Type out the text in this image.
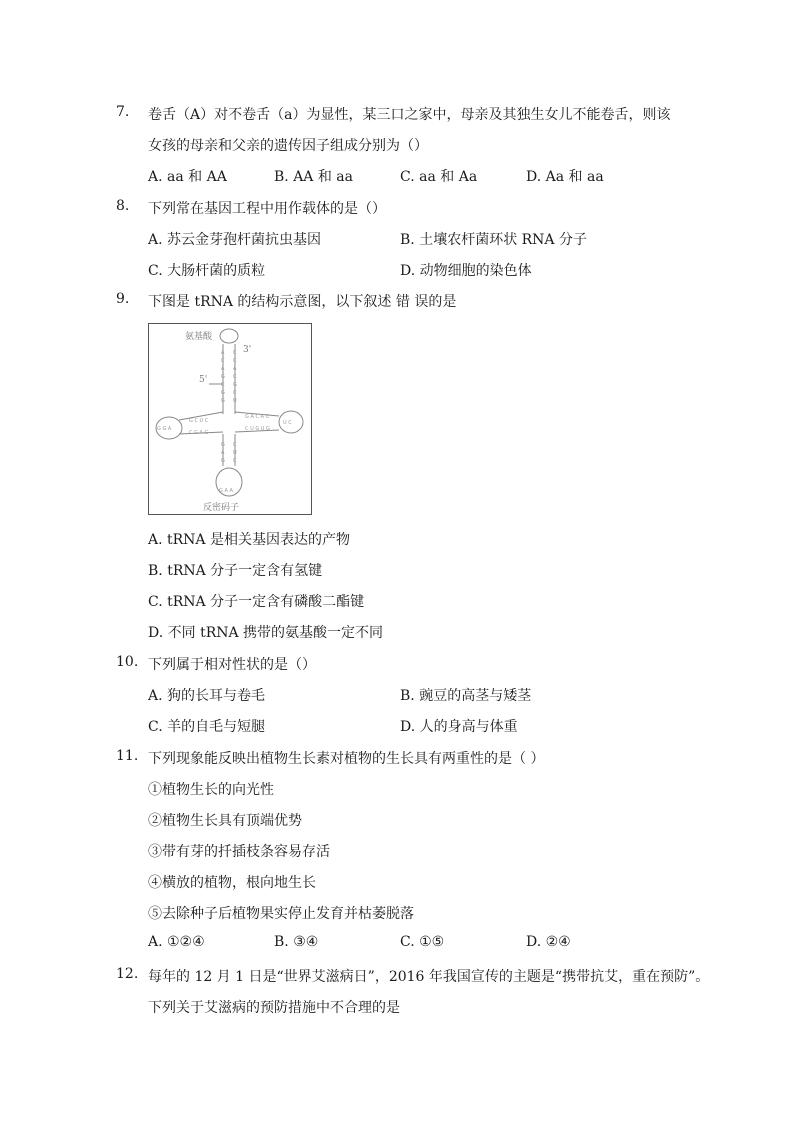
7.	卷舌（A）对不卷舌（a）为显性，某三口之家中，母亲及其独生女儿不能卷舌，则该
女孩的母亲和父亲的遗传因子组成分别为（）
A. aa 和 AA	B. AA 和 aa	C. aa 和 Aa	D. Aa 和 aa
8.	下列常在基因工程中用作载体的是（）
A. 苏云金芽孢杆菌抗虫基因	B. 土壤农杆菌环状 RNA 分子
C. 大肠杆菌的质粒	D. 动物细胞的染色体
9.	下图是 tRNA 的结构示意图，以下叙述 错 误的是
A C
C C
A A
G C
C G
G C
G U
G C U C
C G A G
G A C A C
C U G U G
G G A
U C
G C
A U
G C
G A A
氨基酸
3'
5'
反密码子
A. tRNA 是相关基因表达的产物
B. tRNA 分子一定含有氢键
C. tRNA 分子一定含有磷酸二酯键
D. 不同 tRNA 携带的氨基酸一定不同
10. 下列属于相对性状的是（）
A. 狗的长耳与卷毛	B. 豌豆的高茎与矮茎
C. 羊的自毛与短腿	D. 人的身高与体重
11. 下列现象能反映出植物生长素对植物的生长具有两重性的是（ ）
①植物生长的向光性
②植物生长具有顶端优势
③带有芽的扦插枝条容易存活
④横放的植物，根向地生长
⑤去除种子后植物果实停止发育并枯萎脱落
A. ①②④	B. ③④	C. ①⑤	D. ②④
12. 每年的 12 月 1 日是“世界艾滋病日”，2016 年我国宣传的主题是“携带抗艾，重在预防”。
下列关于艾滋病的预防措施中不合理的是
